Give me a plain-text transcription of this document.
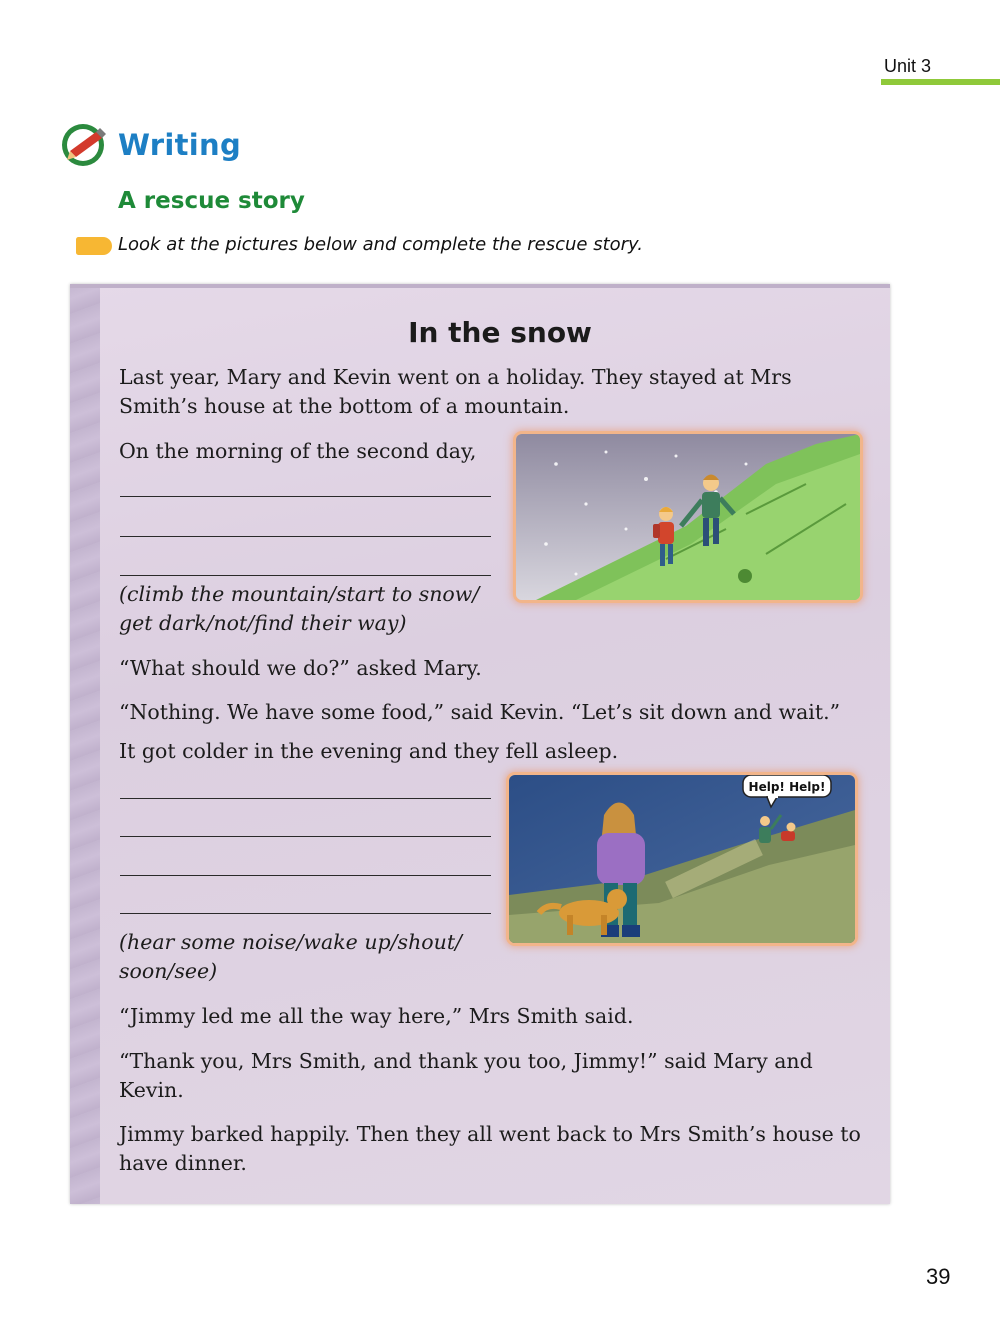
Unit 3
Writing
A rescue story
Look at the pictures below and complete the rescue story.
In the snow
Last year, Mary and Kevin went on a holiday. They stayed at Mrs
Smith’s house at the bottom of a mountain.
On the morning of the second day,
(climb the mountain/start to snow/
get dark/not/find their way)
“What should we do?” asked Mary.
“Nothing. We have some food,” said Kevin. “Let’s sit down and wait.”
It got colder in the evening and they fell asleep.
(hear some noise/wake up/shout/
soon/see)
“Jimmy led me all the way here,” Mrs Smith said.
“Thank you, Mrs Smith, and thank you too, Jimmy!” said Mary and
Kevin.
Jimmy barked happily. Then they all went back to Mrs Smith’s house to
have dinner.
Help! Help!
39
